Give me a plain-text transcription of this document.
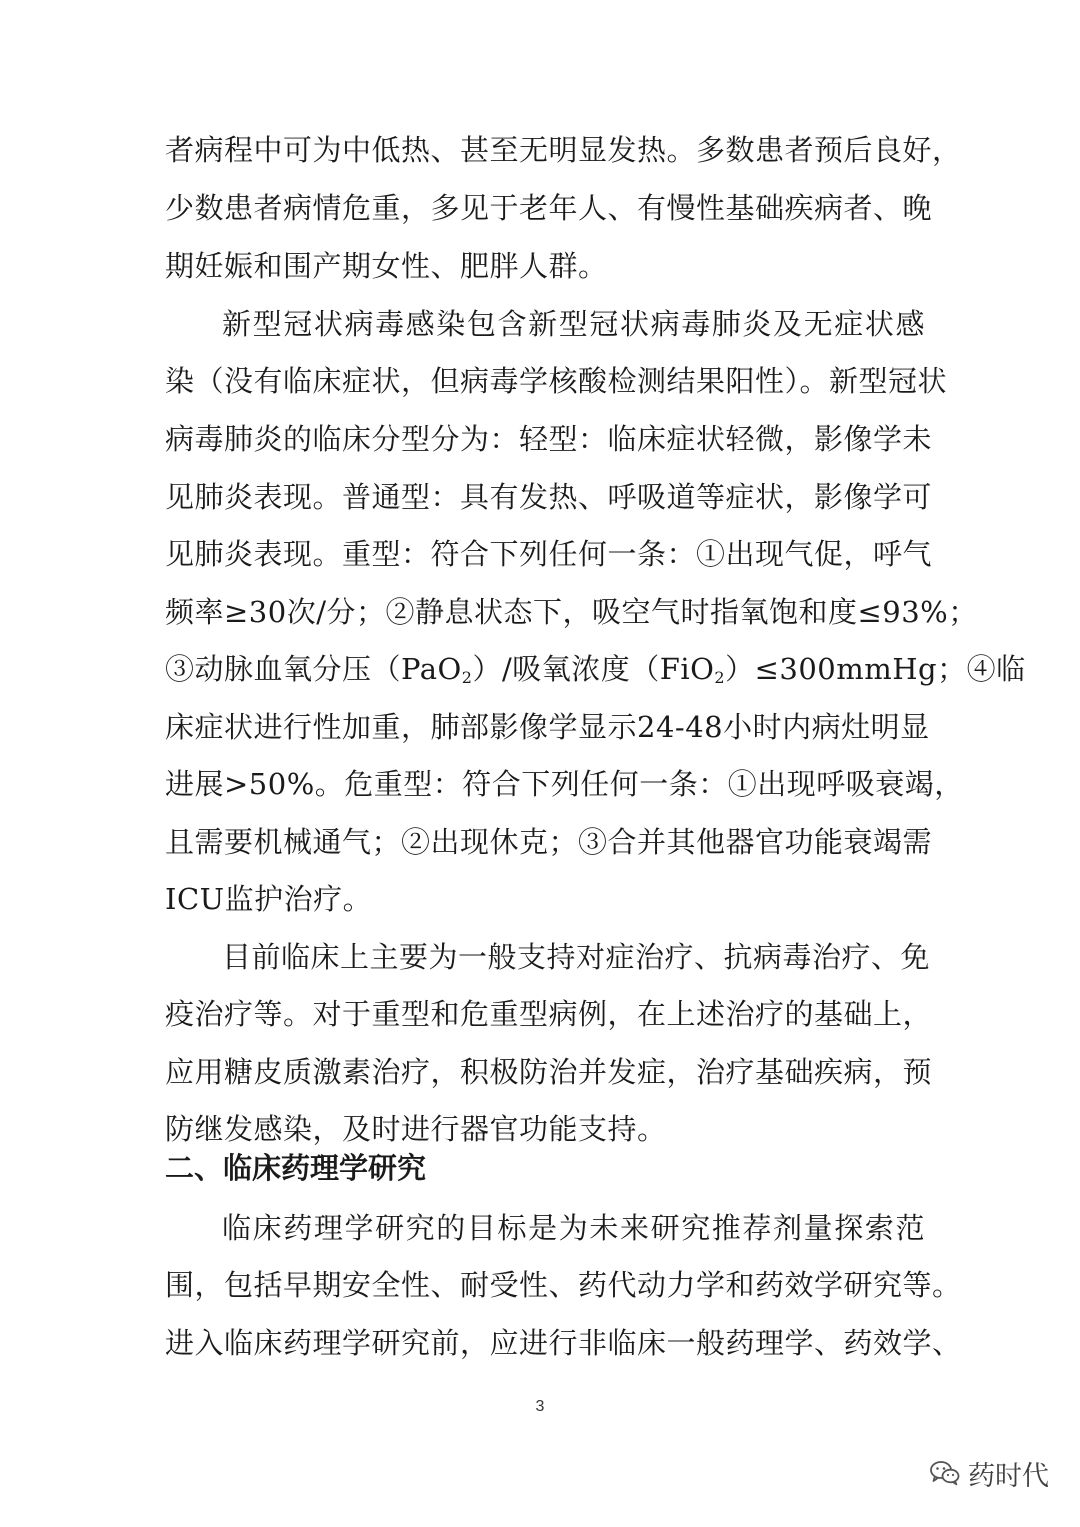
者病程中可为中低热、甚至无明显发热。多数患者预后良好，
少数患者病情危重，多见于老年人、有慢性基础疾病者、晚
期妊娠和围产期女性、肥胖人群。
新型冠状病毒感染包含新型冠状病毒肺炎及无症状感
染（没有临床症状，但病毒学核酸检测结果阳性）。新型冠状
病毒肺炎的临床分型分为：轻型：临床症状轻微，影像学未
见肺炎表现。普通型：具有发热、呼吸道等症状，影像学可
见肺炎表现。重型：符合下列任何一条：①出现气促，呼气
频率≥30次/分；②静息状态下，吸空气时指氧饱和度≤93%；
③动脉血氧分压（PaO$_2$）/吸氧浓度（FiO$_2$）≤300mmHg；④临
床症状进行性加重，肺部影像学显示24-48小时内病灶明显
进展>50%。危重型：符合下列任何一条：①出现呼吸衰竭，
且需要机械通气；②出现休克；③合并其他器官功能衰竭需
ICU监护治疗。
目前临床上主要为一般支持对症治疗、抗病毒治疗、免
疫治疗等。对于重型和危重型病例，在上述治疗的基础上，
应用糖皮质激素治疗，积极防治并发症，治疗基础疾病，预
防继发感染，及时进行器官功能支持。
二、临床药理学研究
临床药理学研究的目标是为未来研究推荐剂量探索范
围，包括早期安全性、耐受性、药代动力学和药效学研究等。
进入临床药理学研究前，应进行非临床一般药理学、药效学、
3
药时代
